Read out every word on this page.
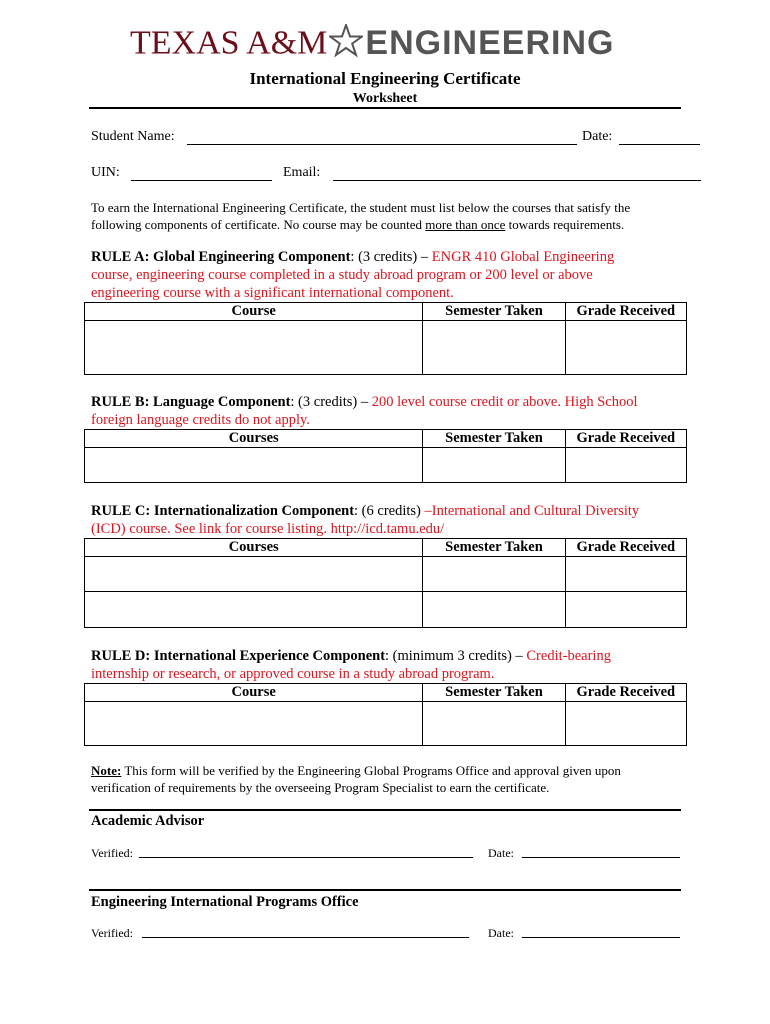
TEXAS A&M ENGINEERING
International Engineering Certificate
Worksheet
Student Name:	Date:
UIN:	Email:
To earn the International Engineering Certificate, the student must list below the courses that satisfy the
following components of certificate. No course may be counted more than once towards requirements.
RULE A: Global Engineering Component: (3 credits) – ENGR 410 Global Engineering
course, engineering course completed in a study abroad program or 200 level or above
engineering course with a significant international component.
Course	Semester Taken	Grade Received

RULE B: Language Component: (3 credits) – 200 level course credit or above. High School
foreign language credits do not apply.
Courses	Semester Taken	Grade Received

RULE C: Internationalization Component: (6 credits) –International and Cultural Diversity
(ICD) course. See link for course listing. http://icd.tamu.edu/
Courses	Semester Taken	Grade Received

RULE D: International Experience Component: (minimum 3 credits) – Credit-bearing
internship or research, or approved course in a study abroad program.
Course	Semester Taken	Grade Received

Note: This form will be verified by the Engineering Global Programs Office and approval given upon
verification of requirements by the overseeing Program Specialist to earn the certificate.
Academic Advisor
Verified:	Date:
Engineering International Programs Office
Verified:	Date:
